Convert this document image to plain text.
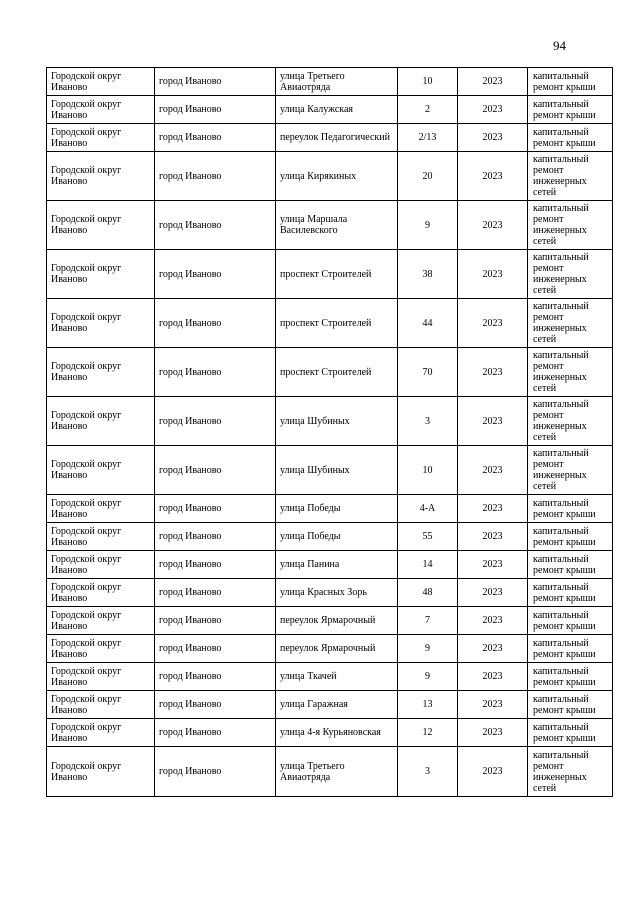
94
Городской округ Иваново	город Иваново	улица Третьего Авиаотряда	10	2023	капитальный ремонт крыши
Городской округ Иваново	город Иваново	улица Калужская	2	2023	капитальный ремонт крыши
Городской округ Иваново	город Иваново	переулок Педагогический	2/13	2023	капитальный ремонт крыши
Городской округ Иваново	город Иваново	улица Кирякиных	20	2023	капитальный ремонт инженерных сетей
Городской округ Иваново	город Иваново	улица Маршала Василевского	9	2023	капитальный ремонт инженерных сетей
Городской округ Иваново	город Иваново	проспект Строителей	38	2023	капитальный ремонт инженерных сетей
Городской округ Иваново	город Иваново	проспект Строителей	44	2023	капитальный ремонт инженерных сетей
Городской округ Иваново	город Иваново	проспект Строителей	70	2023	капитальный ремонт инженерных сетей
Городской округ Иваново	город Иваново	улица Шубиных	3	2023	капитальный ремонт инженерных сетей
Городской округ Иваново	город Иваново	улица Шубиных	10	2023	капитальный ремонт инженерных сетей
Городской округ Иваново	город Иваново	улица Победы	4-А	2023	капитальный ремонт крыши
Городской округ Иваново	город Иваново	улица Победы	55	2023	капитальный ремонт крыши
Городской округ Иваново	город Иваново	улица Панина	14	2023	капитальный ремонт крыши
Городской округ Иваново	город Иваново	улица Красных Зорь	48	2023	капитальный ремонт крыши
Городской округ Иваново	город Иваново	переулок Ярмарочный	7	2023	капитальный ремонт крыши
Городской округ Иваново	город Иваново	переулок Ярмарочный	9	2023	капитальный ремонт крыши
Городской округ Иваново	город Иваново	улица Ткачей	9	2023	капитальный ремонт крыши
Городской округ Иваново	город Иваново	улица Гаражная	13	2023	капитальный ремонт крыши
Городской округ Иваново	город Иваново	улица 4-я Курьяновская	12	2023	капитальный ремонт крыши
Городской округ Иваново	город Иваново	улица Третьего Авиаотряда	3	2023	капитальный ремонт инженерных сетей
